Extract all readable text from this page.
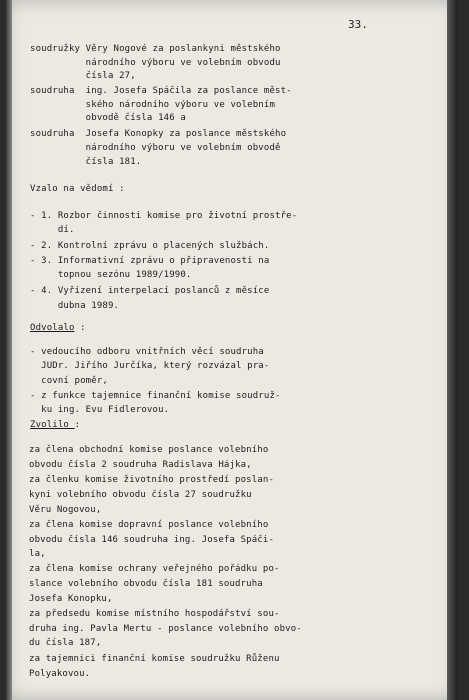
33.
soudružky Věry Nogové za poslankyni městského
národního výboru ve volebním obvodu
čísla 27,
soudruha  ing. Josefa Spáčila za poslance měst-
ského národního výboru ve volebním
obvodě čísla 146 a
soudruha  Josefa Konopky za poslance městského
národního výboru ve volebním obvodě
čísla 181.
Vzalo na vědomí :
- 1. Rozbor činnosti komise pro životní prostře-
dí.
- 2. Kontrolní zprávu o placených službách.
- 3. Informativní zprávu o připravenosti na
topnou sezónu 1989/1990.
- 4. Vyřízení interpelací poslanců z měsíce
dubna 1989.
Odvolalo :
- vedoucího odboru vnitřních věcí soudruha
JUDr. Jiřího Jurčíka, který rozvázal pra-
covní poměr,
- z funkce tajemnice finanční komise soudruž-
ku ing. Evu Fidlerovou.
Zvolilo :
za člena obchodní komise poslance volebního
obvodu čísla 2 soudruha Radislava Hájka,
za členku komise životního prostředí poslan-
kyni volebního obvodu čísla 27 soudružku
Věru Nogovou,
za člena komise dopravní poslance volebního
obvodu čísla 146 soudruha ing. Josefa Spáči-
la,
za člena komise ochrany veřejného pořádku po-
slance volebního obvodu čísla 181 soudruha
Josefa Konopku,
za předsedu komise místního hospodářství sou-
druha ing. Pavla Mertu - poslance volebního obvo-
du čísla 187,
za tajemnici finanční komise soudružku Růženu
Polyakovou.
